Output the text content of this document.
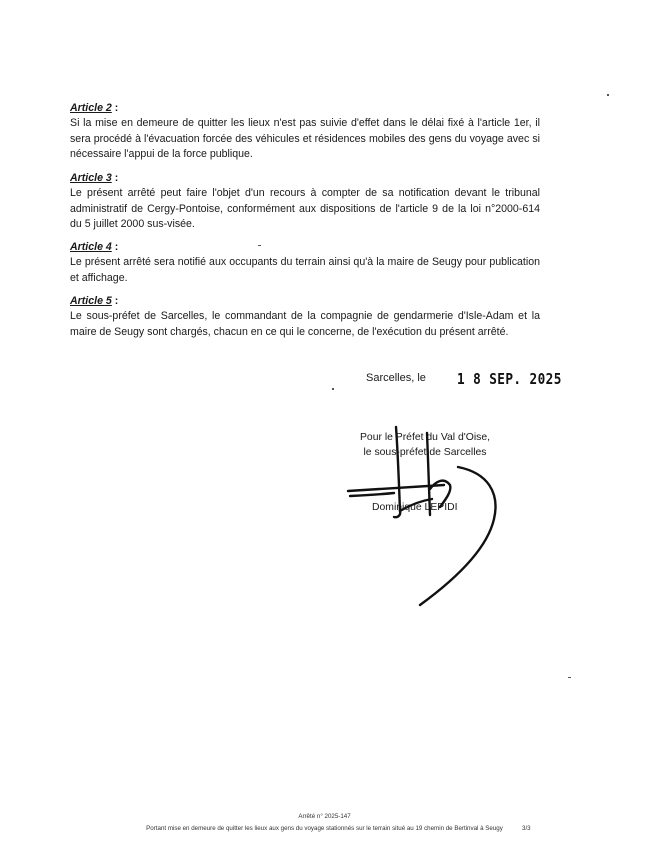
Article 2 :

Si la mise en demeure de quitter les lieux n'est pas suivie d'effet dans le délai fixé à l'article 1er, il sera procédé à l'évacuation forcée des véhicules et résidences mobiles des gens du voyage avec si nécessaire l'appui de la force publique.

Article 3 :

Le présent arrêté peut faire l'objet d'un recours à compter de sa notification devant le tribunal administratif de Cergy-Pontoise, conformément aux dispositions de l'article 9 de la loi n°2000-614 du 5 juillet 2000 sus-visée.

Article 4 :

Le présent arrêté sera notifié aux occupants du terrain ainsi qu'à la maire de Seugy pour publication et affichage.

Article 5 :

Le sous-préfet de Sarcelles, le commandant de la compagnie de gendarmerie d'Isle-Adam et la maire de Seugy sont chargés, chacun en ce qui le concerne, de l'exécution du présent arrêté.

Sarcelles, le 1 8 SEP. 2025
Pour le Préfet du Val d'Oise,
le sous-préfet de Sarcelles
Dominique LEPIDI
Arrêté n° 2025-147
Portant mise en demeure de quitter les lieux aux gens du voyage stationnés sur le terrain situé au 19 chemin de Bertinval à Seugy	3/3
